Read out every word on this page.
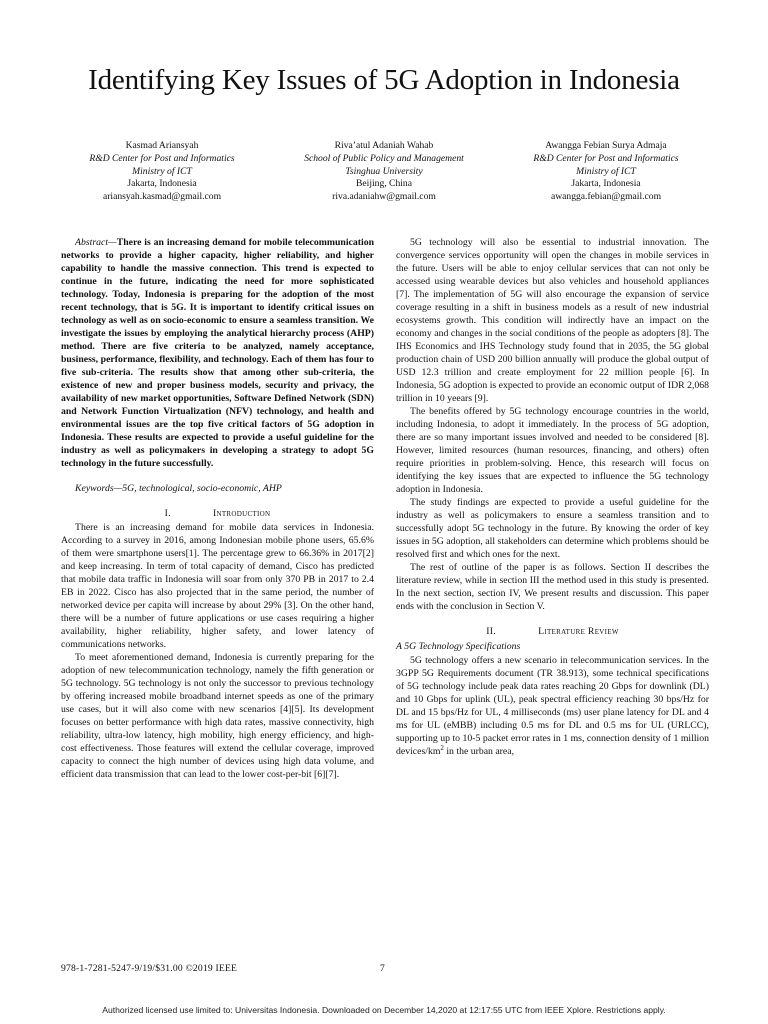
Identifying Key Issues of 5G Adoption in Indonesia
Kasmad Ariansyah
R&D Center for Post and Informatics
Ministry of ICT
Jakarta, Indonesia
ariansyah.kasmad@gmail.com
Riva’atul Adaniah Wahab
School of Public Policy and Management
Tsinghua University
Beijing, China
riva.adaniahw@gmail.com
Awangga Febian Surya Admaja
R&D Center for Post and Informatics
Ministry of ICT
Jakarta, Indonesia
awangga.febian@gmail.com

Abstract—There is an increasing demand for mobile telecommunication networks to provide a higher capacity, higher reliability, and higher capability to handle the massive connection. This trend is expected to continue in the future, indicating the need for more sophisticated technology. Today, Indonesia is preparing for the adoption of the most recent technology, that is 5G. It is important to identify critical issues on technology as well as on socio-economic to ensure a seamless transition. We investigate the issues by employing the analytical hierarchy process (AHP) method. There are five criteria to be analyzed, namely acceptance, business, performance, flexibility, and technology. Each of them has four to five sub-criteria. The results show that among other sub-criteria, the existence of new and proper business models, security and privacy, the availability of new market opportunities, Software Defined Network (SDN) and Network Function Virtualization (NFV) technology, and health and environmental issues are the top five critical factors of 5G adoption in Indonesia. These results are expected to provide a useful guideline for the industry as well as policymakers in developing a strategy to adopt 5G technology in the future successfully.

Keywords—5G, technological, socio-economic, AHP

I.	Introduction

There is an increasing demand for mobile data services in Indonesia. According to a survey in 2016, among Indonesian mobile phone users, 65.6% of them were smartphone users[1]. The percentage grew to 66.36% in 2017[2] and keep increasing. In term of total capacity of demand, Cisco has predicted that mobile data traffic in Indonesia will soar from only 370 PB in 2017 to 2.4 EB in 2022. Cisco has also projected that in the same period, the number of networked device per capita will increase by about 29% [3]. On the other hand, there will be a number of future applications or use cases requiring a higher availability, higher reliability, higher safety, and lower latency of communications networks.

To meet aforementioned demand, Indonesia is currently preparing for the adoption of new telecommunication technology, namely the fifth generation or 5G technology. 5G technology is not only the successor to previous technology by offering increased mobile broadband internet speeds as one of the primary use cases, but it will also come with new scenarios [4][5]. Its development focuses on better performance with high data rates, massive connectivity, high reliability, ultra-low latency, high mobility, high energy efficiency, and high-cost effectiveness. Those features will extend the cellular coverage, improved capacity to connect the high number of devices using high data volume, and efficient data transmission that can lead to the lower cost-per-bit [6][7].

5G technology will also be essential to industrial innovation. The convergence services opportunity will open the changes in mobile services in the future. Users will be able to enjoy cellular services that can not only be accessed using wearable devices but also vehicles and household appliances [7]. The implementation of 5G will also encourage the expansion of service coverage resulting in a shift in business models as a result of new industrial ecosystems growth. This condition will indirectly have an impact on the economy and changes in the social conditions of the people as adopters [8]. The IHS Economics and IHS Technology study found that in 2035, the 5G global production chain of USD 200 billion annually will produce the global output of USD 12.3 trillion and create employment for 22 million people [6]. In Indonesia, 5G adoption is expected to provide an economic output of IDR 2,068 trillion in 10 yeears [9].

The benefits offered by 5G technology encourage countries in the world, including Indonesia, to adopt it immediately. In the process of 5G adoption, there are so many important issues involved and needed to be considered [8]. However, limited resources (human resources, financing, and others) often require priorities in problem-solving. Hence, this research will focus on identifying the key issues that are expected to influence the 5G technology adoption in Indonesia.

The study findings are expected to provide a useful guideline for the industry as well as policymakers to ensure a seamless transition and to successfully adopt 5G technology in the future. By knowing the order of key issues in 5G adoption, all stakeholders can determine which problems should be resolved first and which ones for the next.

The rest of outline of the paper is as follows. Section II describes the literature review, while in section III the method used in this study is presented. In the next section, section IV, We present results and discussion. This paper ends with the conclusion in Section V.

II.	Literature Review
A 5G Technology Specifications

5G technology offers a new scenario in telecommunication services. In the 3GPP 5G Requirements document (TR 38.913), some technical specifications of 5G technology include peak data rates reaching 20 Gbps for downlink (DL) and 10 Gbps for uplink (UL), peak spectral efficiency reaching 30 bps/Hz for DL and 15 bps/Hz for UL, 4 milliseconds (ms) user plane latency for DL and 4 ms for UL (eMBB) including 0.5 ms for DL and 0.5 ms for UL (URLCC), supporting up to 10-5 packet error rates in 1 ms, connection density of 1 million devices/$km^2$ in the urban area,

978-1-7281-5247-9/19/$31.00 ©2019 IEEE	7
Authorized licensed use limited to: Universitas Indonesia. Downloaded on December 14,2020 at 12:17:55 UTC from IEEE Xplore. Restrictions apply.
